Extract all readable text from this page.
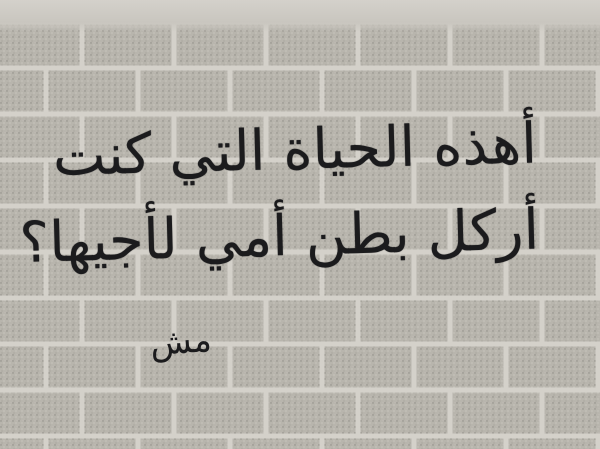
أهذه الحياة التي كنت
أركل بطن أمي لأجيها؟
مش
